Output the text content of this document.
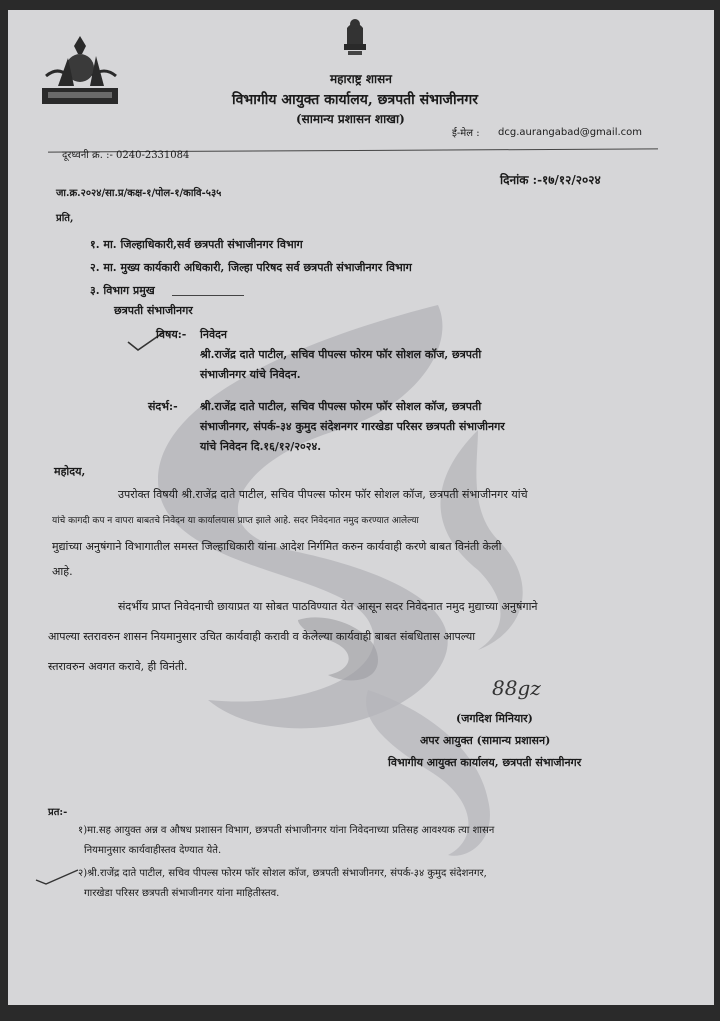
महाराष्ट्र शासन
विभागीय आयुक्त कार्यालय, छत्रपती संभाजीनगर
(सामान्य प्रशासन शाखा)
ई-मेल : dcg.aurangabad@gmail.com
दूरध्वनी क्र. :- 0240-2331084
दिनांक :-१७/१२/२०२४
जा.क्र.२०२४/सा.प्र/कक्ष-१/पोल-१/कावि-५३५
प्रति,
१. मा. जिल्हाधिकारी,सर्व छत्रपती संभाजीनगर विभाग
२. मा. मुख्य कार्यकारी अधिकारी, जिल्हा परिषद सर्व छत्रपती संभाजीनगर विभाग
३. विभाग प्रमुख
छत्रपती संभाजीनगर
विषय:- निवेदन
श्री.राजेंद्र दाते पाटील, सचिव पीपल्स फोरम फॉर सोशल कॉज, छत्रपती
संभाजीनगर यांचे निवेदन.
संदर्भ:- श्री.राजेंद्र दाते पाटील, सचिव पीपल्स फोरम फॉर सोशल कॉज, छत्रपती
संभाजीनगर, संपर्क-३४ कुमुद संदेशनगर गारखेडा परिसर छत्रपती संभाजीनगर
यांचे निवेदन दि.१६/१२/२०२४.
महोदय,
उपरोक्त विषयी श्री.राजेंद्र दाते पाटील, सचिव पीपल्स फोरम फॉर सोशल कॉज, छत्रपती संभाजीनगर यांचे
यांचे कागदी कप न वापरा बाबतचे निवेदन या कार्यालयास प्राप्त झाले आहे. सदर निवेदनात नमुद करण्यात आलेल्या
मुद्यांच्या अनुषंगाने विभागातील समस्त जिल्हाधिकारी यांना आदेश निर्गमित करुन कार्यवाही करणे बाबत विनंती केली
आहे.
संदर्भीय प्राप्त निवेदनाची छायाप्रत या सोबत पाठविण्यात येत आसून सदर निवेदनात नमुद मुद्याच्या अनुषंगाने
आपल्या स्तरावरुन शासन नियमानुसार उचित कार्यवाही करावी व केलेल्या कार्यवाही बाबत संबधितास आपल्या
स्तरावरुन अवगत करावे, ही विनंती.
88gz
(जगदिश मिनियार)
अपर आयुक्त (सामान्य प्रशासन)
विभागीय आयुक्त कार्यालय, छत्रपती संभाजीनगर
प्रत:-
१)मा.सह आयुक्त अन्न व औषध प्रशासन विभाग, छत्रपती संभाजीनगर यांना निवेदनाच्या प्रतिसह आवश्यक त्या शासन
नियमानुसार कार्यवाहीस्तव देण्यात येते.
२)श्री.राजेंद्र दाते पाटील, सचिव पीपल्स फोरम फॉर सोशल कॉज, छत्रपती संभाजीनगर, संपर्क-३४ कुमुद संदेशनगर,
गारखेडा परिसर छत्रपती संभाजीनगर यांना माहितीस्तव.
